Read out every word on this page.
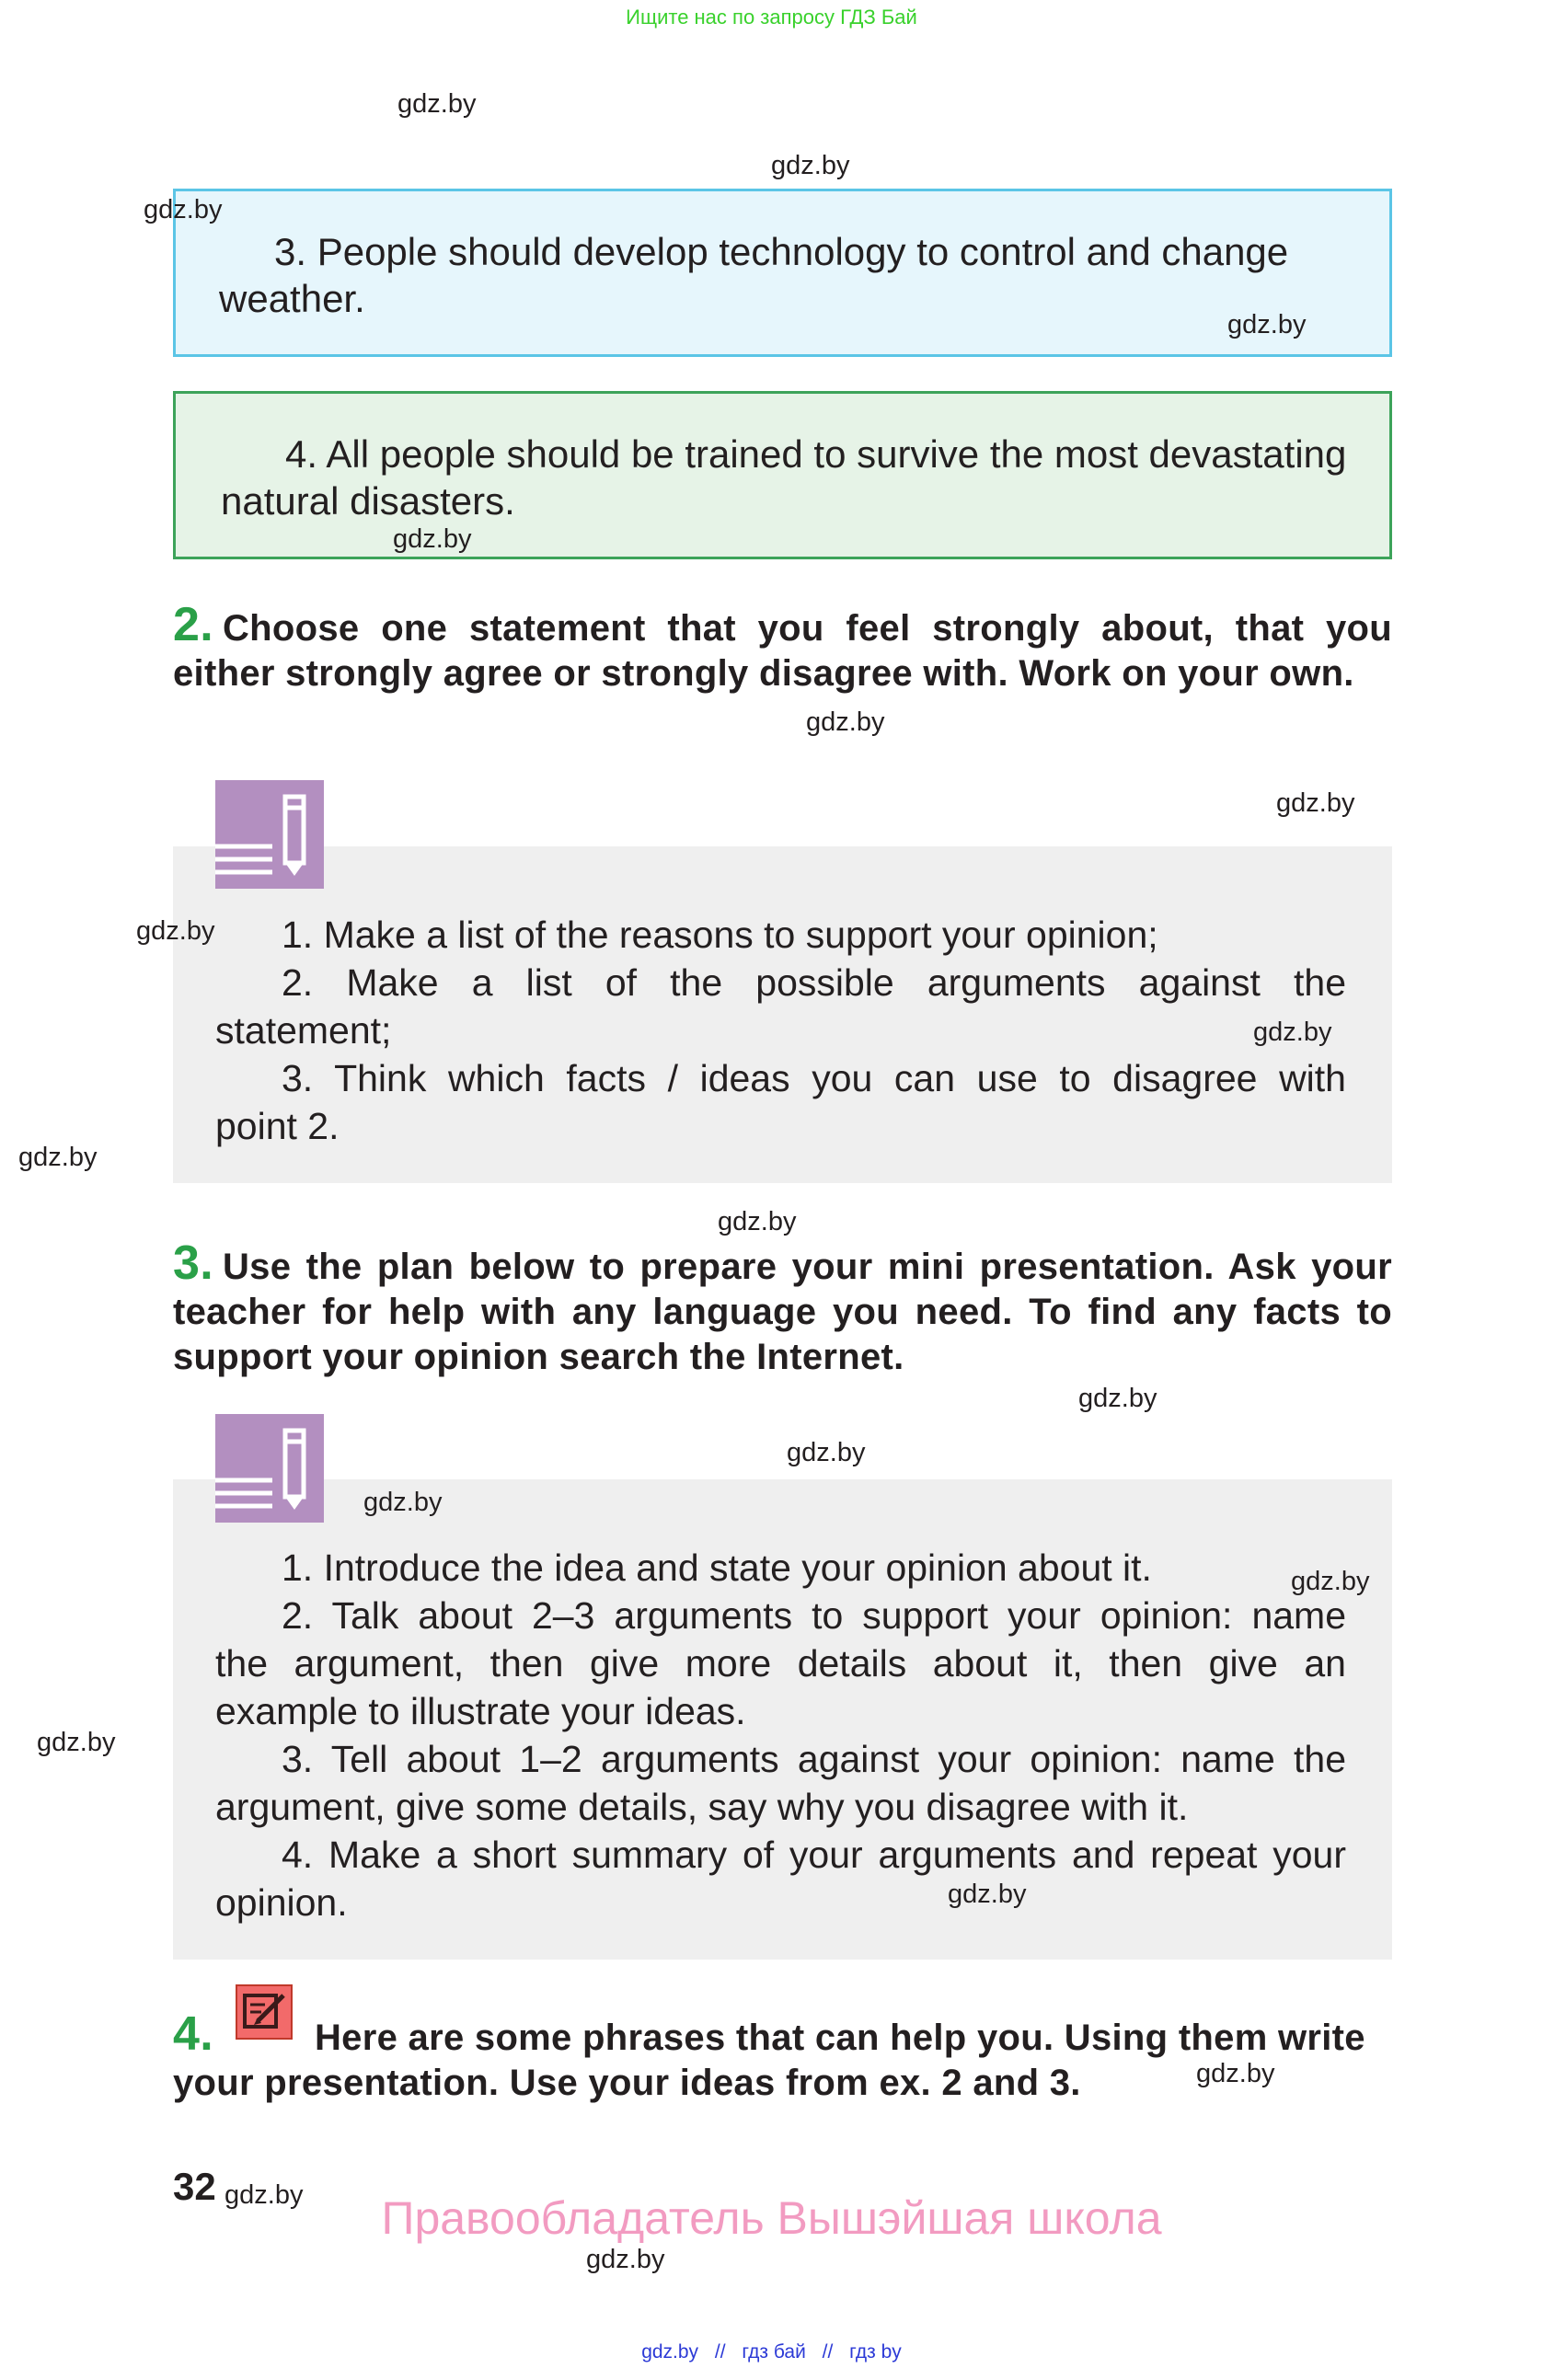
Ищите нас по запросу ГДЗ Бай
3. People should develop technology to control and change
weather.
4. All people should be trained to survive the most devastating
natural disasters.
2. Choose one statement that you feel strongly about, that you either strongly agree or strongly disagree with. Work on your own.
1. Make a list of the reasons to support your opinion;
2. Make a list of the possible arguments against the
statement;
3. Think which facts / ideas you can use to disagree with
point 2.
3. Use the plan below to prepare your mini presentation. Ask your teacher for help with any language you need. To find any facts to support your opinion search the Internet.
1. Introduce the idea and state your opinion about it.
2. Talk about 2–3 arguments to support your opinion: name
the argument, then give more details about it, then give an
example to illustrate your ideas.
3. Tell about 1–2 arguments against your opinion: name the
argument, give some details, say why you disagree with it.
4. Make a short summary of your arguments and repeat your
opinion.
4.	Here are some phrases that can help you. Using them write your presentation. Use your ideas from ex. 2 and 3.
32
Правообладатель Вышэйшая школа
gdz.by // гдз бай // гдз by
gdz.by
gdz.by
gdz.by
gdz.by
gdz.by
gdz.by
gdz.by
gdz.by
gdz.by
gdz.by
gdz.by
gdz.by
gdz.by
gdz.by
gdz.by
gdz.by
gdz.by
gdz.by
gdz.by
gdz.by
